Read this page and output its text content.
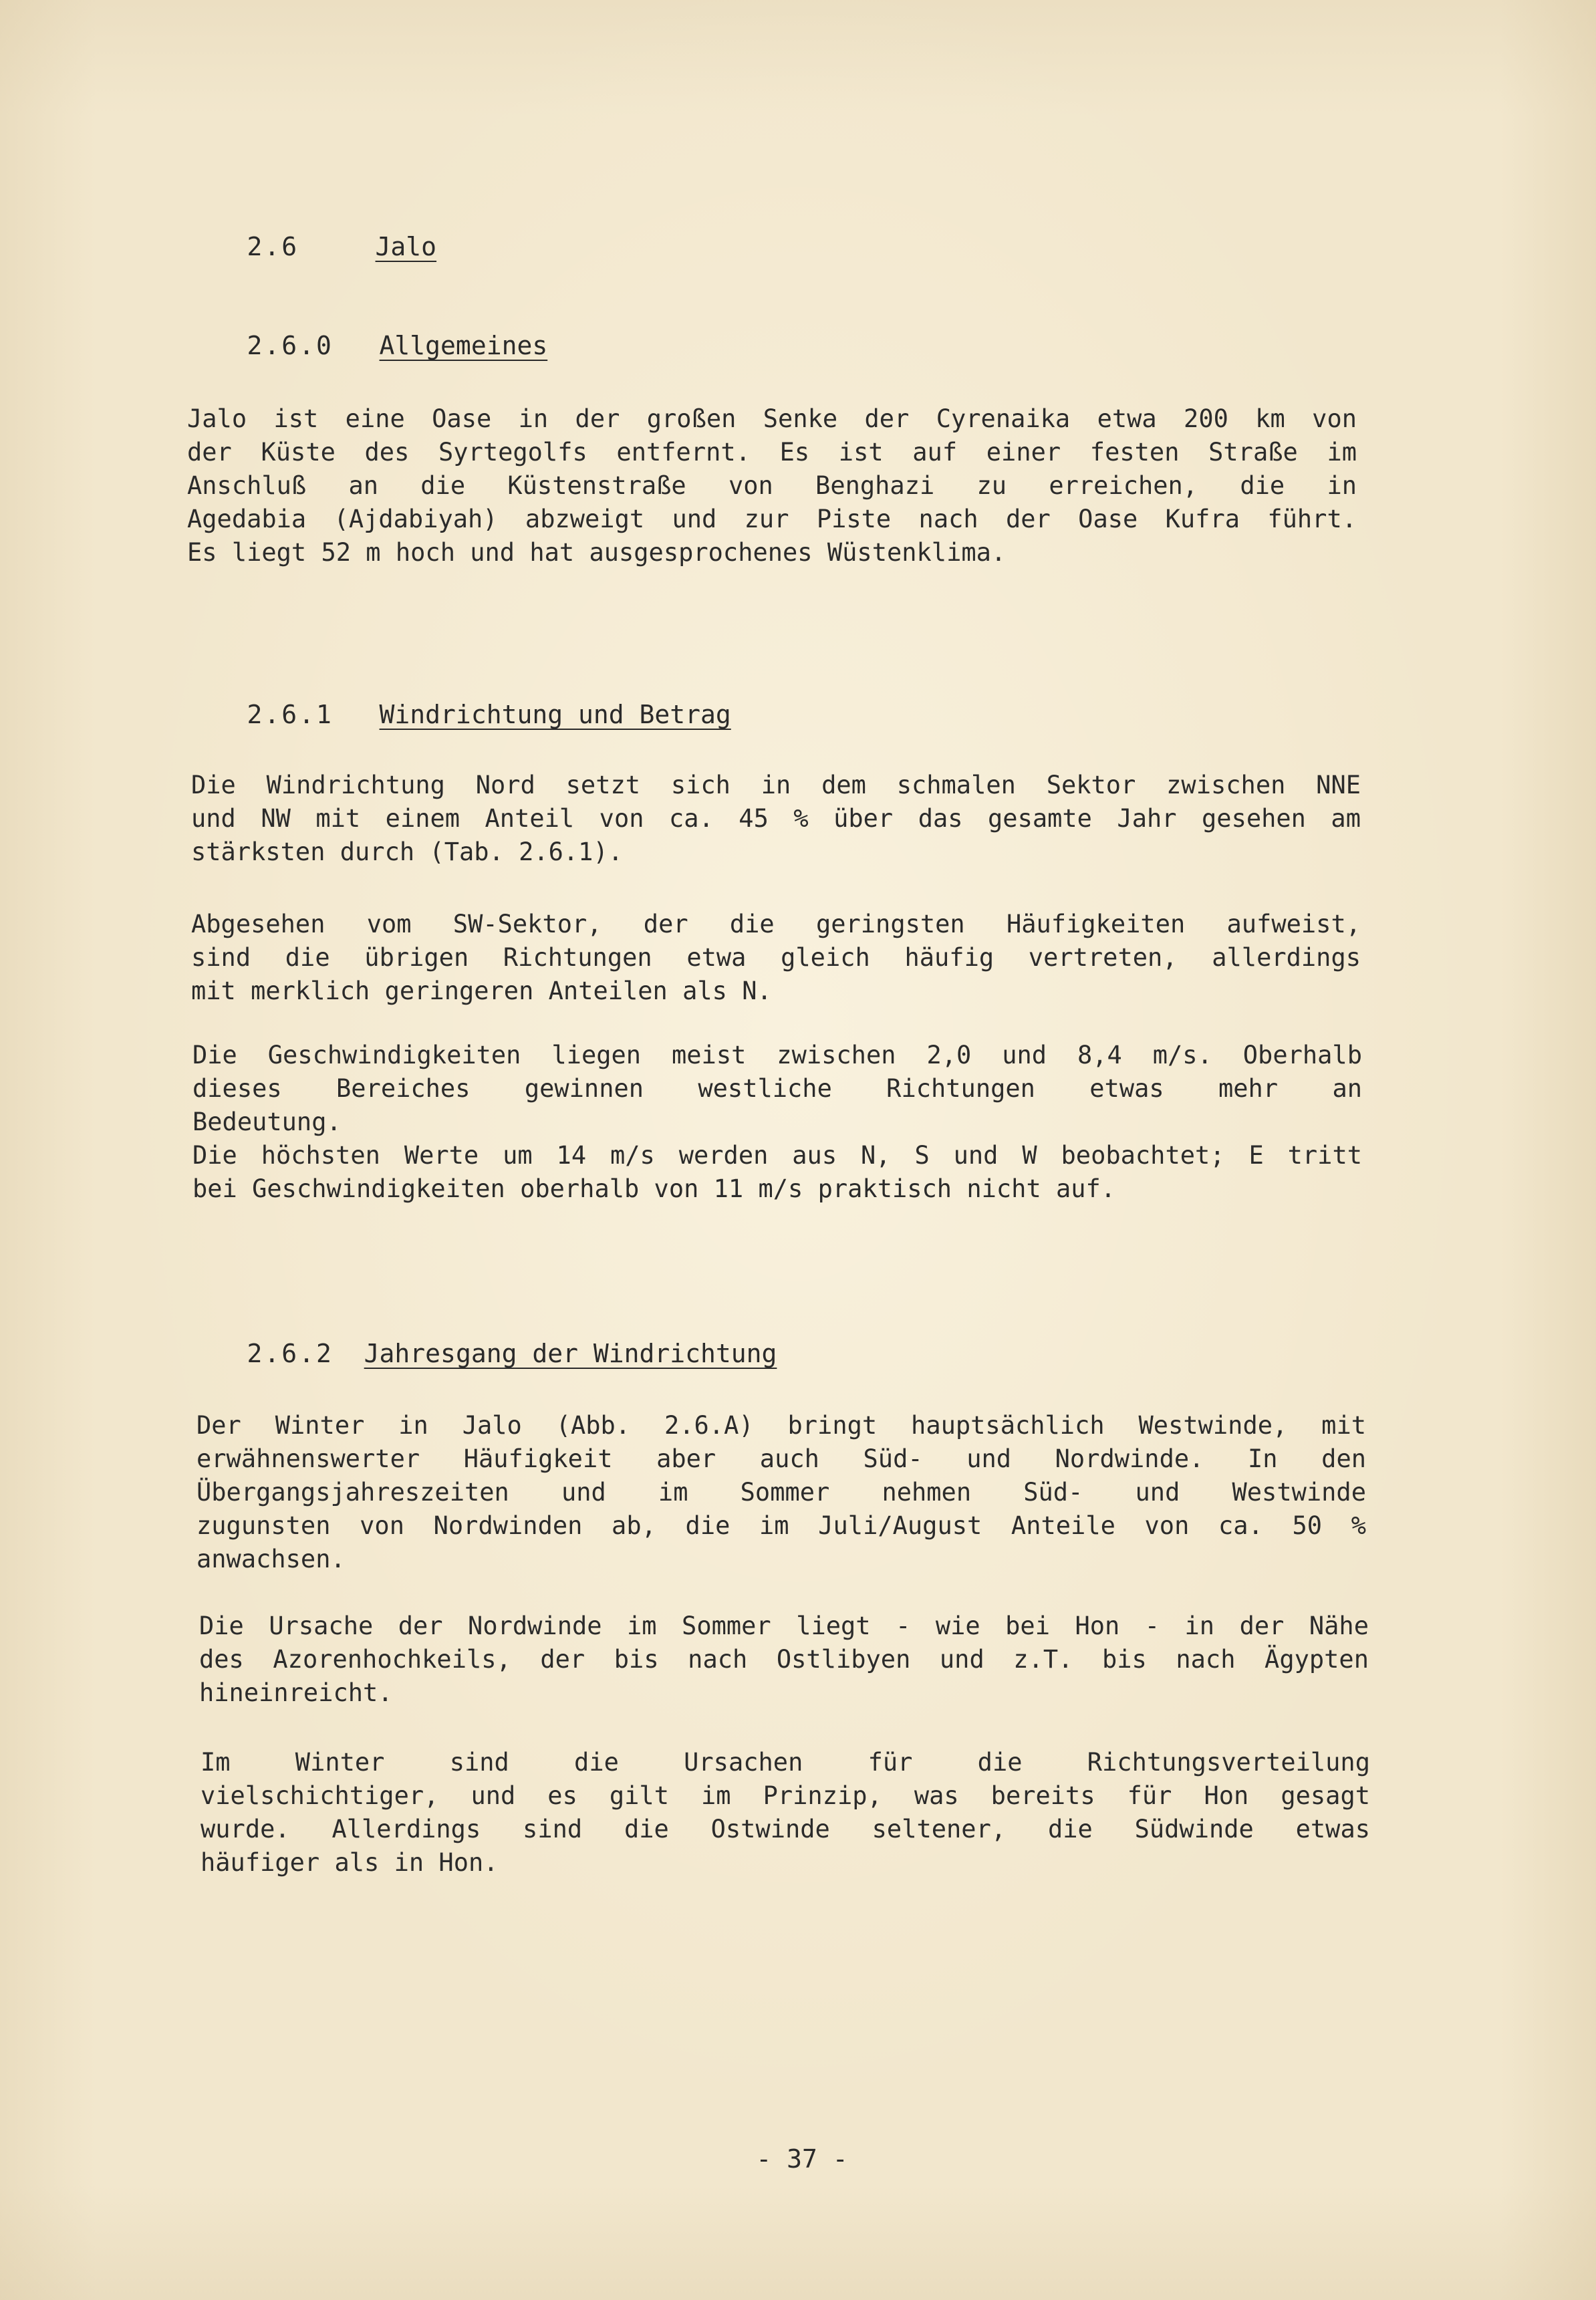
2.6	Jalo

2.6.0 Allgemeines

Jalo ist eine Oase in der großen Senke der Cyrenaika etwa 200 km von
der Küste des Syrtegolfs entfernt. Es ist auf einer festen Straße im
Anschluß an die Küstenstraße von Benghazi zu erreichen, die in
Agedabia (Ajdabiyah) abzweigt und zur Piste nach der Oase Kufra führt.
Es liegt 52 m hoch und hat ausgesprochenes Wüstenklima.

2.6.1 Windrichtung und Betrag

Die Windrichtung Nord setzt sich in dem schmalen Sektor zwischen NNE
und NW mit einem Anteil von ca. 45 % über das gesamte Jahr gesehen am
stärksten durch (Tab. 2.6.1).
Abgesehen vom SW-Sektor, der die geringsten Häufigkeiten aufweist,
sind die übrigen Richtungen etwa gleich häufig vertreten, allerdings
mit merklich geringeren Anteilen als N.
Die Geschwindigkeiten liegen meist zwischen 2,0 und 8,4 m/s. Oberhalb
dieses Bereiches gewinnen westliche Richtungen etwas mehr an
Bedeutung.
Die höchsten Werte um 14 m/s werden aus N, S und W beobachtet; E tritt
bei Geschwindigkeiten oberhalb von 11 m/s praktisch nicht auf.

2.6.2 Jahresgang der Windrichtung

Der Winter in Jalo (Abb. 2.6.A) bringt hauptsächlich Westwinde, mit
erwähnenswerter Häufigkeit aber auch Süd- und Nordwinde. In den
Übergangsjahreszeiten und im Sommer nehmen Süd- und Westwinde
zugunsten von Nordwinden ab, die im Juli/August Anteile von ca. 50 %
anwachsen.
Die Ursache der Nordwinde im Sommer liegt - wie bei Hon - in der Nähe
des Azorenhochkeils, der bis nach Ostlibyen und z.T. bis nach Ägypten
hineinreicht.
Im Winter sind die Ursachen für die Richtungsverteilung
vielschichtiger, und es gilt im Prinzip, was bereits für Hon gesagt
wurde. Allerdings sind die Ostwinde seltener, die Südwinde etwas
häufiger als in Hon.
- 37 -
